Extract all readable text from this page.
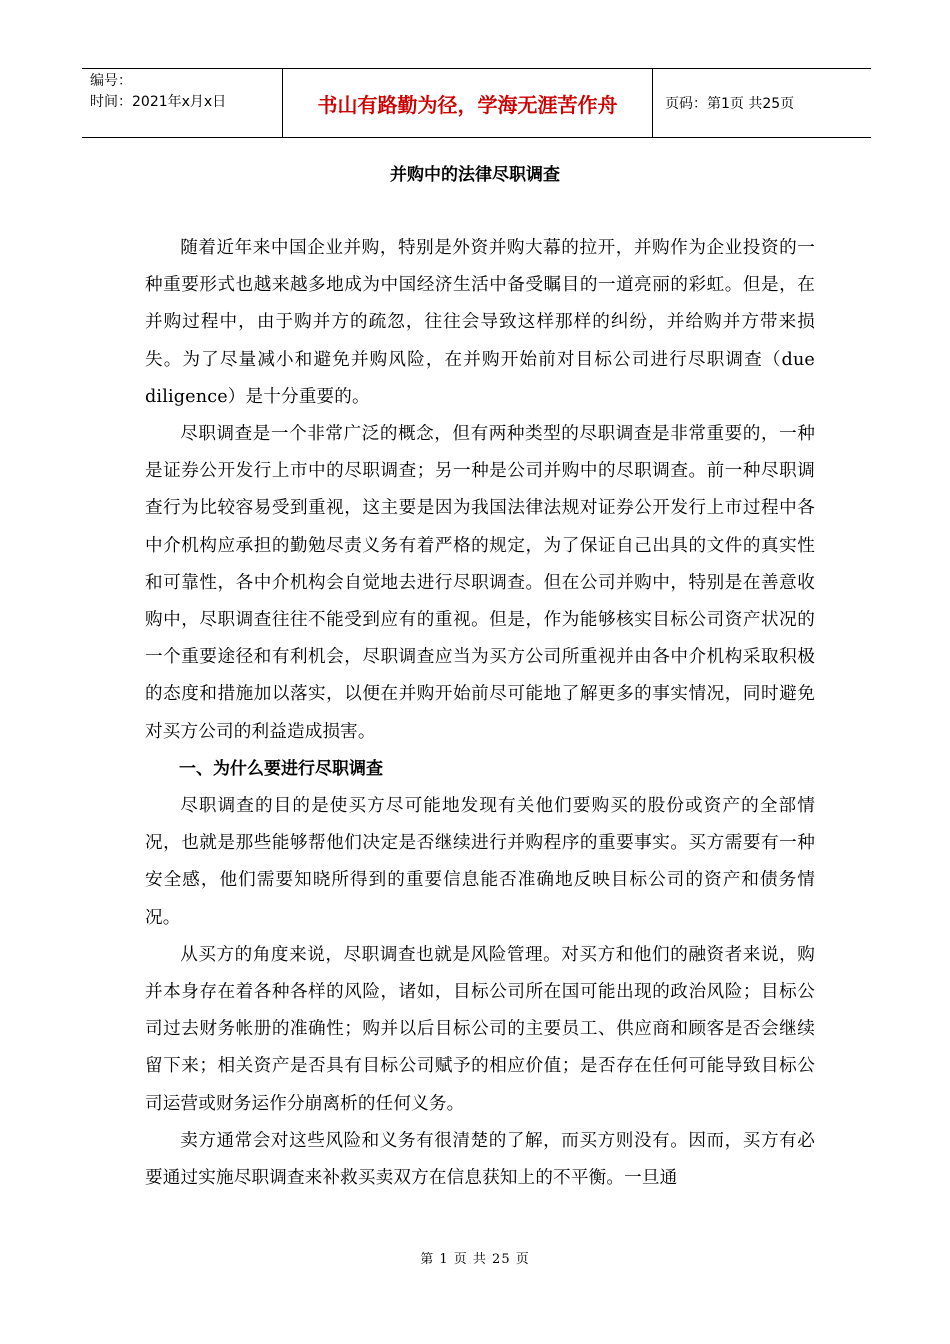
编号：
时间：2021年x月x日	书山有路勤为径，学海无涯苦作舟	页码：第1页 共25页
并购中的法律尽职调查

随着近年来中国企业并购，特别是外资并购大幕的拉开，并购作为企业投资的一种重要形式也越来越多地成为中国经济生活中备受瞩目的一道亮丽的彩虹。但是，在并购过程中，由于购并方的疏忽，往往会导致这样那样的纠纷，并给购并方带来损失。为了尽量减小和避免并购风险，在并购开始前对目标公司进行尽职调查（due diligence）是十分重要的。

尽职调查是一个非常广泛的概念，但有两种类型的尽职调查是非常重要的，一种是证券公开发行上市中的尽职调查；另一种是公司并购中的尽职调查。前一种尽职调查行为比较容易受到重视，这主要是因为我国法律法规对证券公开发行上市过程中各中介机构应承担的勤勉尽责义务有着严格的规定，为了保证自己出具的文件的真实性和可靠性，各中介机构会自觉地去进行尽职调查。但在公司并购中，特别是在善意收购中，尽职调查往往不能受到应有的重视。但是，作为能够核实目标公司资产状况的一个重要途径和有利机会，尽职调查应当为买方公司所重视并由各中介机构采取积极的态度和措施加以落实，以便在并购开始前尽可能地了解更多的事实情况，同时避免对买方公司的利益造成损害。

一、为什么要进行尽职调查

尽职调查的目的是使买方尽可能地发现有关他们要购买的股份或资产的全部情况，也就是那些能够帮他们决定是否继续进行并购程序的重要事实。买方需要有一种安全感，他们需要知晓所得到的重要信息能否准确地反映目标公司的资产和债务情况。

从买方的角度来说，尽职调查也就是风险管理。对买方和他们的融资者来说，购并本身存在着各种各样的风险，诸如，目标公司所在国可能出现的政治风险；目标公司过去财务帐册的准确性；购并以后目标公司的主要员工、供应商和顾客是否会继续留下来；相关资产是否具有目标公司赋予的相应价值；是否存在任何可能导致目标公司运营或财务运作分崩离析的任何义务。

卖方通常会对这些风险和义务有很清楚的了解，而买方则没有。因而，买方有必要通过实施尽职调查来补救买卖双方在信息获知上的不平衡。一旦通

第 1 页 共 25 页
